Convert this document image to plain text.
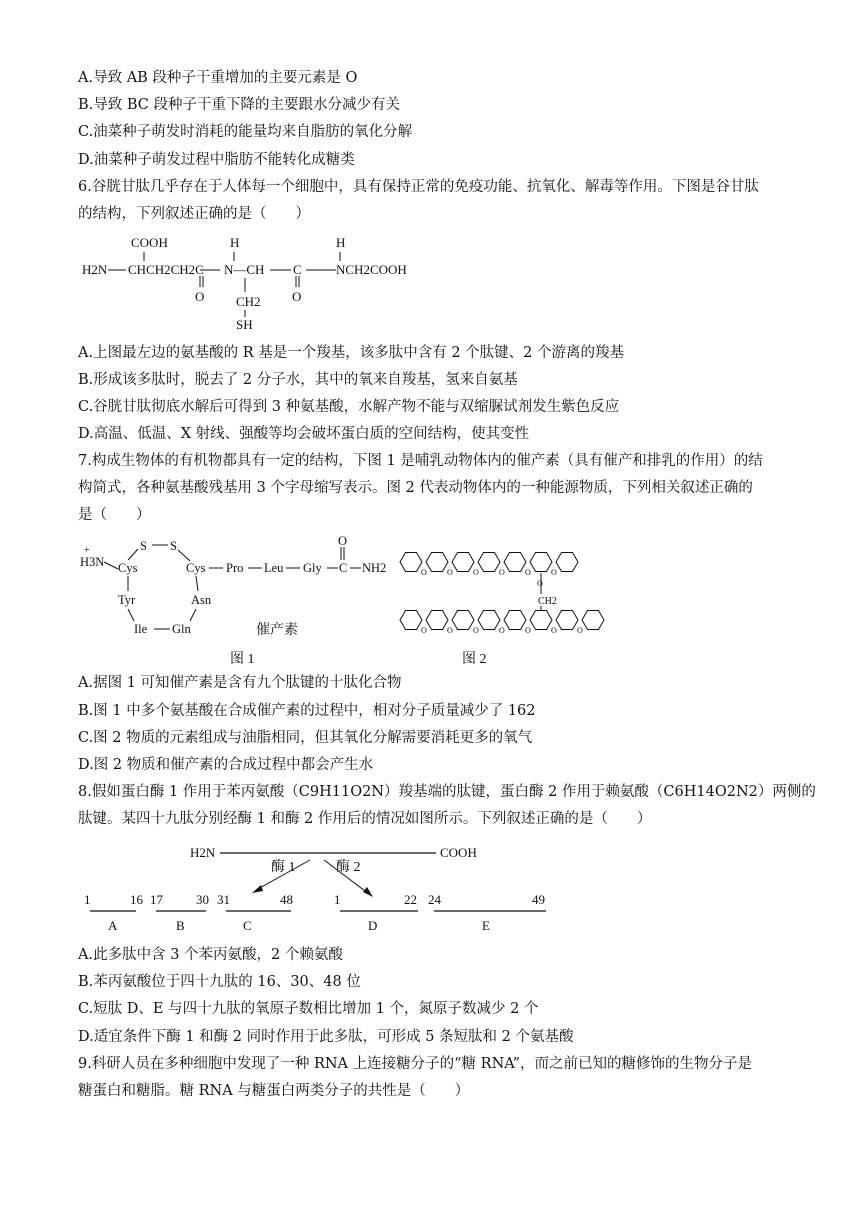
A.导致 AB 段种子干重增加的主要元素是 O
B.导致 BC 段种子干重下降的主要跟水分减少有关
C.油菜种子萌发时消耗的能量均来自脂肪的氧化分解
D.油菜种子萌发过程中脂肪不能转化成糖类
6.谷胱甘肽几乎存在于人体每一个细胞中，具有保持正常的免疫功能、抗氧化、解毒等作用。下图是谷甘肽
的结构，下列叙述正确的是（　　）
COOH
H2N CHCH2CH2C
O
H
N—CH
CH2
SH
C
O
H
NCH2COOH
A.上图最左边的氨基酸的 R 基是一个羧基，该多肽中含有 2 个肽键、2 个游离的羧基
B.形成该多肽时，脱去了 2 分子水，其中的氧来自羧基，氢来自氨基
C.谷胱甘肽彻底水解后可得到 3 种氨基酸，水解产物不能与双缩脲试剂发生紫色反应
D.高温、低温、X 射线、强酸等均会破坏蛋白质的空间结构，使其变性
7.构成生物体的有机物都具有一定的结构，下图 1 是哺乳动物体内的催产素（具有催产和排乳的作用）的结
构简式，各种氨基酸残基用 3 个字母缩写表示。图 2 代表动物体内的一种能源物质，下列相关叙述正确的
是（　　）
+
H3N Cys
S S
Cys Pro Leu Gly C
O
NH2
Tyr
Ile Gln
Asn
催产素
图 1
CH2
图 2
O	O	O	O	O	O
O	O	O	O	O	O	O
O
A.据图 1 可知催产素是含有九个肽键的十肽化合物
B.图 1 中多个氨基酸在合成催产素的过程中，相对分子质量减少了 162
C.图 2 物质的元素组成与油脂相同，但其氧化分解需要消耗更多的氧气
D.图 2 物质和催产素的合成过程中都会产生水
8.假如蛋白酶 1 作用于苯丙氨酸（C9H11O2N）羧基端的肽键，蛋白酶 2 作用于赖氨酸（C6H14O2N2）两侧的
肽键。某四十九肽分别经酶 1 和酶 2 作用后的情况如图所示。下列叙述正确的是（　　）
H2N	COOH
酶 1	酶 2
1	16
A
17	30
B
31	48
C
1	22
D
24	49
E
A.此多肽中含 3 个苯丙氨酸，2 个赖氨酸
B.苯丙氨酸位于四十九肽的 16、30、48 位
C.短肽 D、E 与四十九肽的氧原子数相比增加 1 个，氮原子数减少 2 个
D.适宜条件下酶 1 和酶 2 同时作用于此多肽，可形成 5 条短肽和 2 个氨基酸
9.科研人员在多种细胞中发现了一种 RNA 上连接糖分子的“糖 RNA”，而之前已知的糖修饰的生物分子是
糖蛋白和糖脂。糖 RNA 与糖蛋白两类分子的共性是（　　）
